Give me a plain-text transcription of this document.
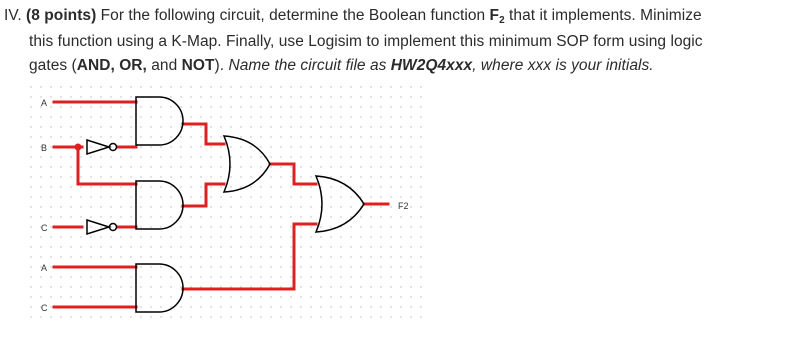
IV. (8 points) For the following circuit, determine the Boolean function F2 that it implements. Minimize
this function using a K-Map. Finally, use Logisim to implement this minimum SOP form using logic
gates (AND, OR, and NOT). Name the circuit file as HW2Q4xxx, where xxx is your initials.
A
B
C
A
C
F2
